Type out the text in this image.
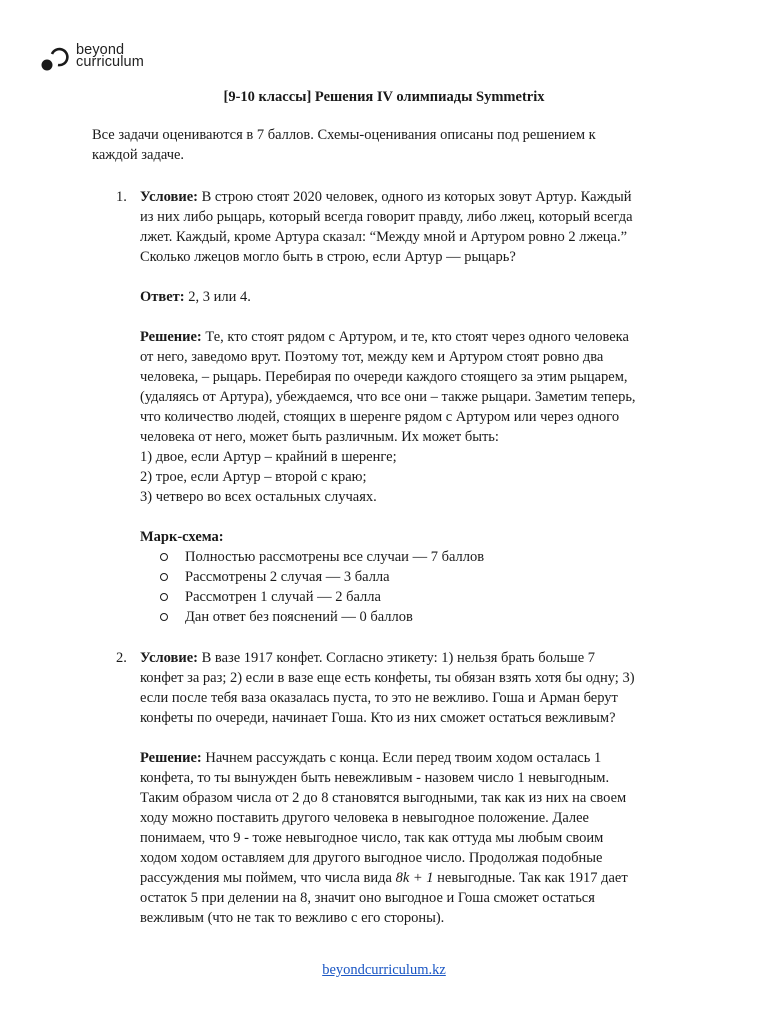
beyond
curriculum
[9-10 классы] Решения IV олимпиады Symmetrix
Все задачи оцениваются в 7 баллов. Схемы-оценивания описаны под решением к
каждой задаче.
1. Условие: В строю стоят 2020 человек, одного из которых зовут Артур. Каждый
из них либо рыцарь, который всегда говорит правду, либо лжец, который всегда
лжет. Каждый, кроме Артура сказал: “Между мной и Артуром ровно 2 лжеца.”
Сколько лжецов могло быть в строю, если Артур — рыцарь?
Ответ: 2, 3 или 4.
Решение: Те, кто стоят рядом с Артуром, и те, кто стоят через одного человека
от него, заведомо врут. Поэтому тот, между кем и Артуром стоят ровно два
человека, – рыцарь. Перебирая по очереди каждого стоящего за этим рыцарем,
(удаляясь от Артура), убеждаемся, что все они – также рыцари. Заметим теперь,
что количество людей, стоящих в шеренге рядом с Артуром или через одного
человека от него, может быть различным. Их может быть:
1) двое, если Артур – крайний в шеренге;
2) трое, если Артур – второй с краю;
3) четверо во всех остальных случаях.
Марк-схема:
Полностью рассмотрены все случаи — 7 баллов
Рассмотрены 2 случая — 3 балла
Рассмотрен 1 случай — 2 балла
Дан ответ без пояснений — 0 баллов
2. Условие: В вазе 1917 конфет. Согласно этикету: 1) нельзя брать больше 7
конфет за раз; 2) если в вазе еще есть конфеты, ты обязан взять хотя бы одну; 3)
если после тебя ваза оказалась пуста, то это не вежливо. Гоша и Арман берут
конфеты по очереди, начинает Гоша. Кто из них сможет остаться вежливым?
Решение: Начнем рассуждать с конца. Если перед твоим ходом осталась 1
конфета, то ты вынужден быть невежливым - назовем число 1 невыгодным.
Таким образом числа от 2 до 8 становятся выгодными, так как из них на своем
ходу можно поставить другого человека в невыгодное положение. Далее
понимаем, что 9 - тоже невыгодное число, так как оттуда мы любым своим
ходом ходом оставляем для другого выгодное число. Продолжая подобные
рассуждения мы поймем, что числа вида 8k + 1 невыгодные. Так как 1917 дает
остаток 5 при делении на 8, значит оно выгодное и Гоша сможет остаться
вежливым (что не так то вежливо с его стороны).
beyondcurriculum.kz
